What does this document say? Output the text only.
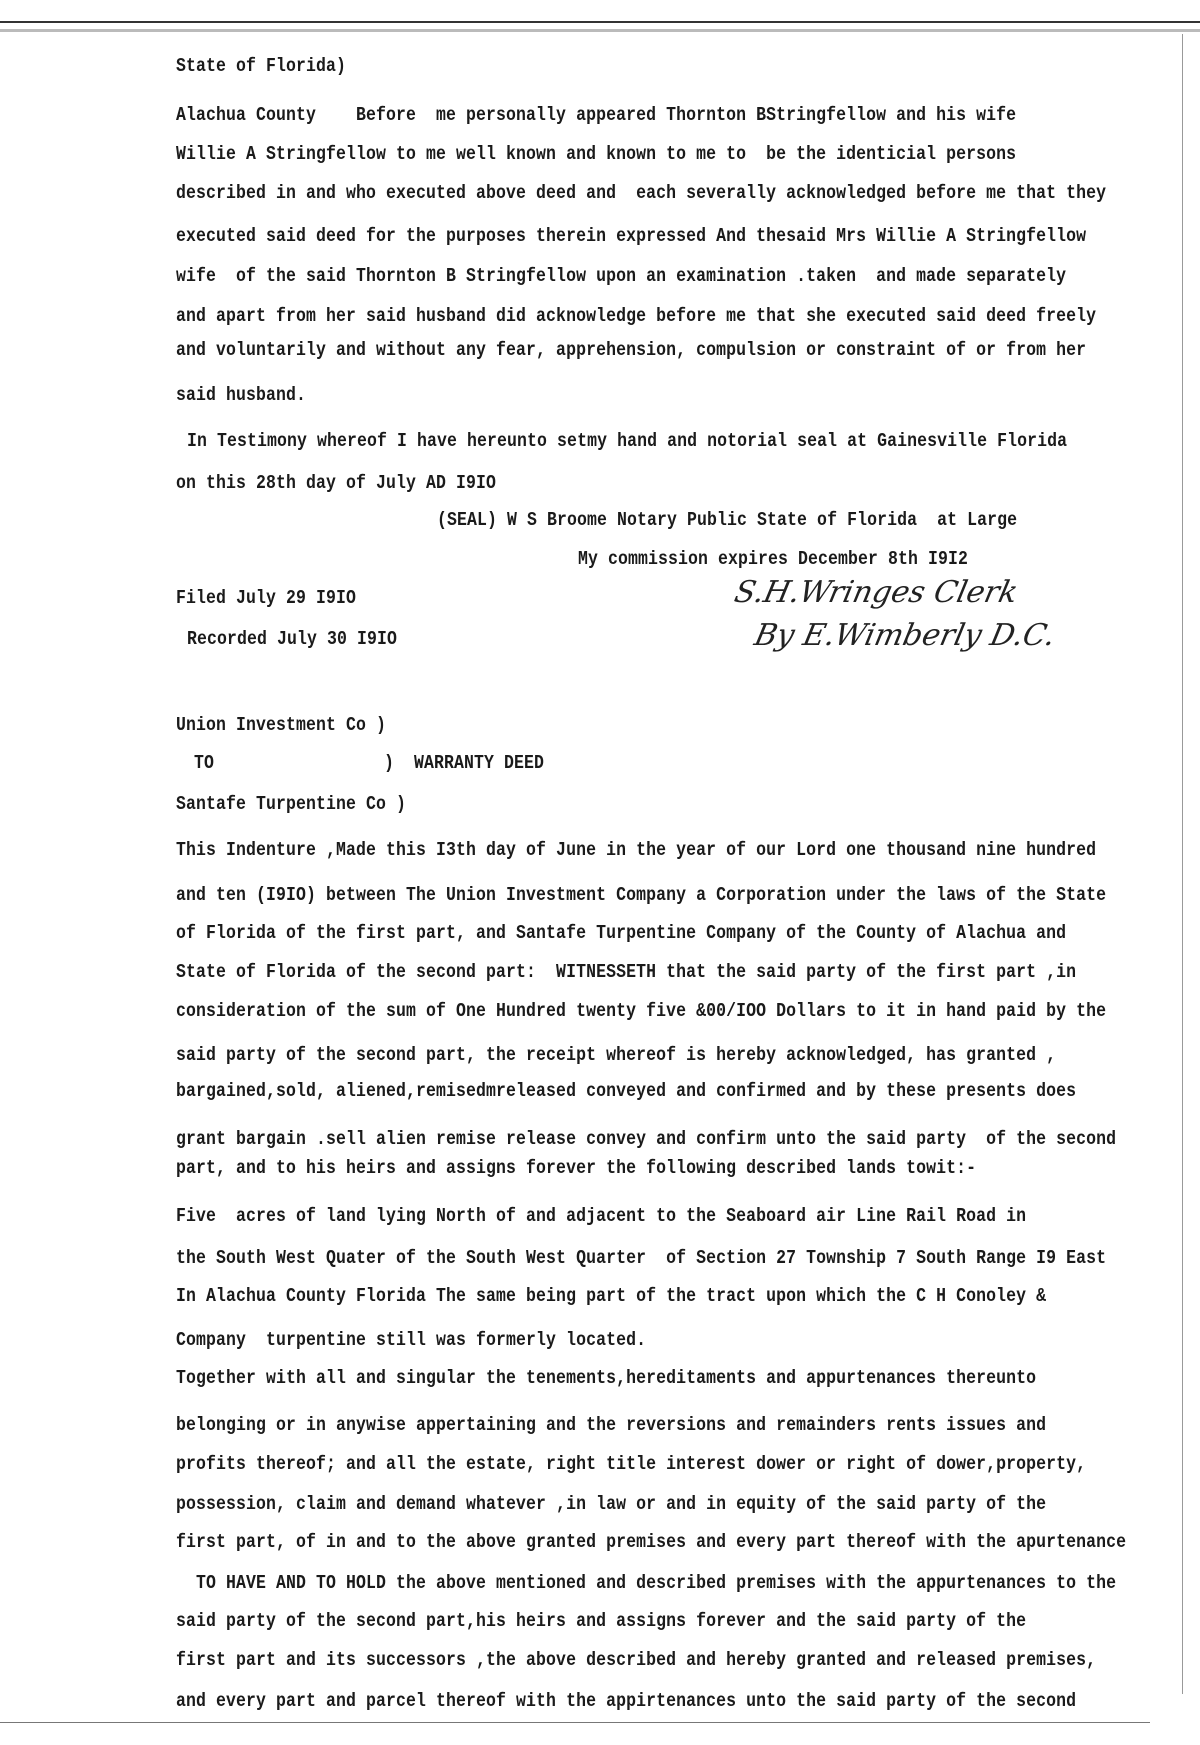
State of Florida)
Alachua County    Before  me personally appeared Thornton BStringfellow and his wife
Willie A Stringfellow to me well known and known to me to  be the identicial persons
described in and who executed above deed and  each severally acknowledged before me that they
executed said deed for the purposes therein expressed And thesaid Mrs Willie A Stringfellow
wife  of the said Thornton B Stringfellow upon an examination .taken  and made separately
and apart from her said husband did acknowledge before me that she executed said deed freely
and voluntarily and without any fear, apprehension, compulsion or constraint of or from her
said husband.
In Testimony whereof I have hereunto setmy hand and notorial seal at Gainesville Florida
on this 28th day of July AD I9IO
(SEAL) W S Broome Notary Public State of Florida  at Large
My commission expires December 8th I9I2
Filed July 29 I9IO
Recorded July 30 I9IO
S.H.Wringes Clerk
By E.Wimberly D.C.
Union Investment Co )
TO                 )  WARRANTY DEED
Santafe Turpentine Co )
This Indenture ,Made this I3th day of June in the year of our Lord one thousand nine hundred
and ten (I9IO) between The Union Investment Company a Corporation under the laws of the State
of Florida of the first part, and Santafe Turpentine Company of the County of Alachua and
State of Florida of the second part:  WITNESSETH that the said party of the first part ,in
consideration of the sum of One Hundred twenty five &00/IOO Dollars to it in hand paid by the
said party of the second part, the receipt whereof is hereby acknowledged, has granted ,
bargained,sold, aliened,remisedmreleased conveyed and confirmed and by these presents does
grant bargain .sell alien remise release convey and confirm unto the said party  of the second
part, and to his heirs and assigns forever the following described lands towit:-
Five  acres of land lying North of and adjacent to the Seaboard air Line Rail Road in
the South West Quater of the South West Quarter  of Section 27 Township 7 South Range I9 East
In Alachua County Florida The same being part of the tract upon which the C H Conoley &
Company  turpentine still was formerly located.
Together with all and singular the tenements,hereditaments and appurtenances thereunto
belonging or in anywise appertaining and the reversions and remainders rents issues and
profits thereof; and all the estate, right title interest dower or right of dower,property,
possession, claim and demand whatever ,in law or and in equity of the said party of the
first part, of in and to the above granted premises and every part thereof with the apurtenance
TO HAVE AND TO HOLD the above mentioned and described premises with the appurtenances to the
said party of the second part,his heirs and assigns forever and the said party of the
first part and its successors ,the above described and hereby granted and released premises,
and every part and parcel thereof with the appirtenances unto the said party of the second
